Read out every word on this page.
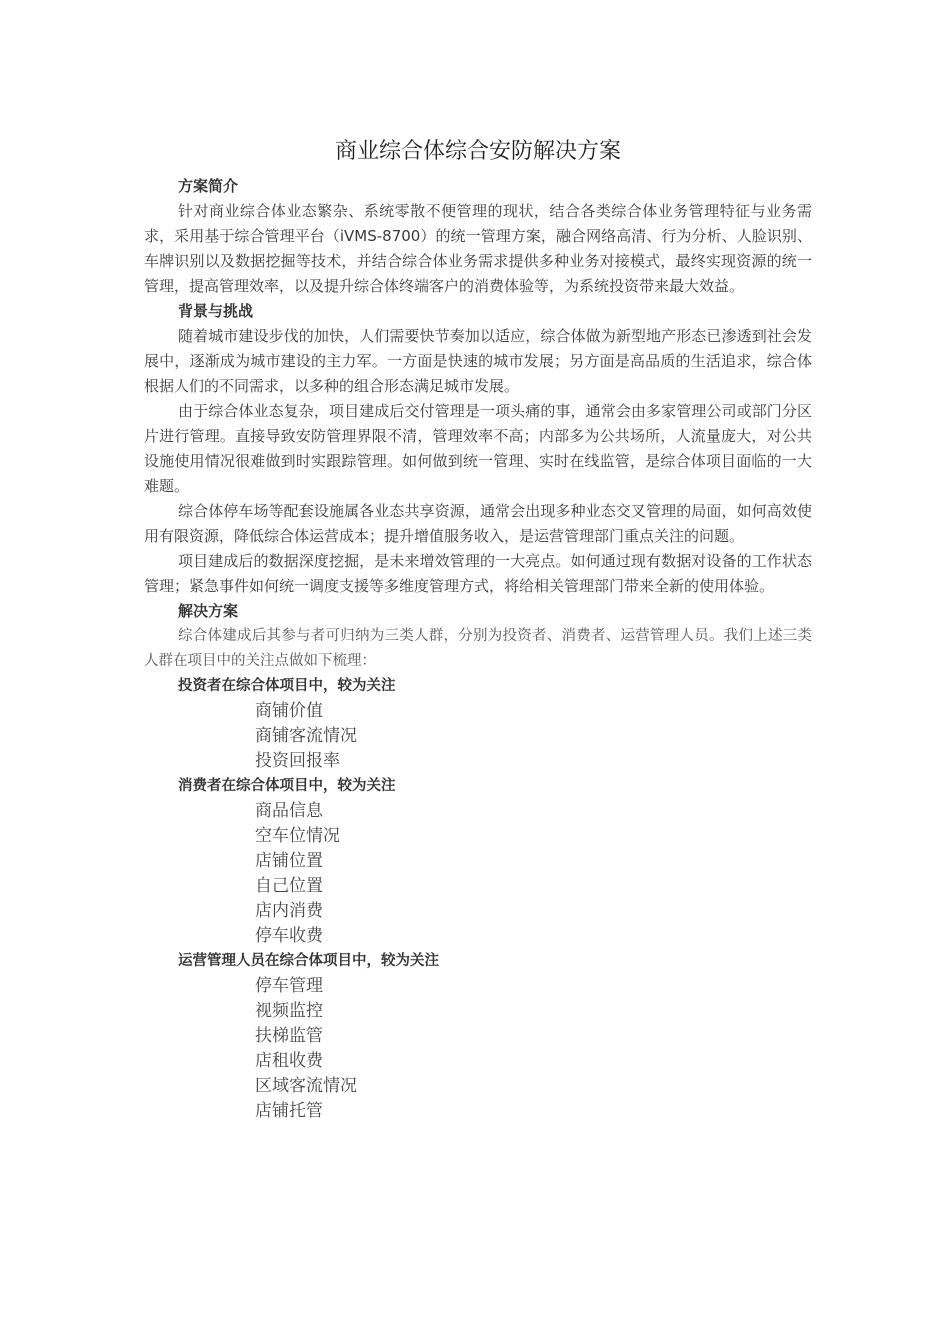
商业综合体综合安防解决方案
方案简介

针对商业综合体业态繁杂、系统零散不便管理的现状，结合各类综合体业务管理特征与业务需求，采用基于综合管理平台（iVMS-8700）的统一管理方案，融合网络高清、行为分析、人脸识别、车牌识别以及数据挖掘等技术，并结合综合体业务需求提供多种业务对接模式，最终实现资源的统一管理，提高管理效率，以及提升综合体终端客户的消费体验等，为系统投资带来最大效益。

背景与挑战

随着城市建设步伐的加快，人们需要快节奏加以适应，综合体做为新型地产形态已渗透到社会发展中，逐渐成为城市建设的主力军。一方面是快速的城市发展；另方面是高品质的生活追求，综合体根据人们的不同需求，以多种的组合形态满足城市发展。

由于综合体业态复杂，项目建成后交付管理是一项头痛的事，通常会由多家管理公司或部门分区片进行管理。直接导致安防管理界限不清，管理效率不高；内部多为公共场所，人流量庞大，对公共设施使用情况很难做到时实跟踪管理。如何做到统一管理、实时在线监管，是综合体项目面临的一大难题。

综合体停车场等配套设施属各业态共享资源，通常会出现多种业态交叉管理的局面，如何高效使用有限资源，降低综合体运营成本；提升增值服务收入，是运营管理部门重点关注的问题。

项目建成后的数据深度挖掘，是未来增效管理的一大亮点。如何通过现有数据对设备的工作状态管理；紧急事件如何统一调度支援等多维度管理方式，将给相关管理部门带来全新的使用体验。

解决方案

综合体建成后其参与者可归纳为三类人群，分别为投资者、消费者、运营管理人员。我们上述三类人群在项目中的关注点做如下梳理：

投资者在综合体项目中，较为关注
商铺价值
商铺客流情况
投资回报率
消费者在综合体项目中，较为关注
商品信息
空车位情况
店铺位置
自己位置
店内消费
停车收费
运营管理人员在综合体项目中，较为关注
停车管理
视频监控
扶梯监管
店租收费
区域客流情况
店铺托管
